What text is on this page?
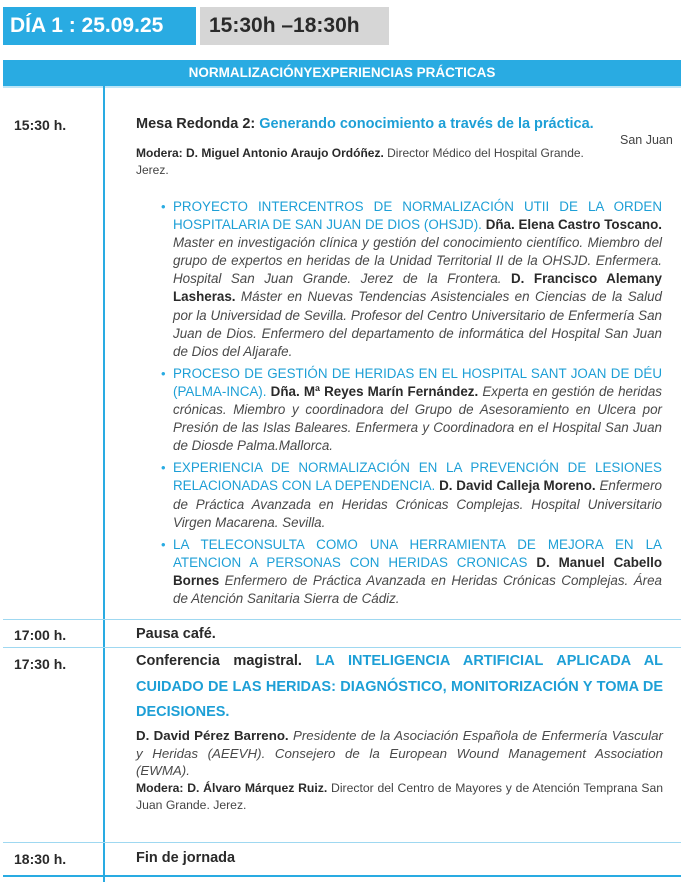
DÍA 1 : 25.09.25	15:30h –18:30h
NORMALIZACIÓNYEXPERIENCIAS PRÁCTICAS
15:30 h.	Mesa Redonda 2: Generando conocimiento a través de la práctica.
San Juan
Modera: D. Miguel Antonio Araujo Ordóñez. Director Médico del Hospital Grande. Jerez.
• PROYECTO INTERCENTROS DE NORMALIZACIÓN UTII DE LA ORDEN HOSPITALARIA DE SAN JUAN DE DIOS (OHSJD). Dña. Elena Castro Toscano. Master en investigación clínica y gestión del conocimiento científico. Miembro del grupo de expertos en heridas de la Unidad Territorial II de la OHSJD. Enfermera. Hospital San Juan Grande. Jerez de la Frontera. D. Francisco Alemany Lasheras. Máster en Nuevas Tendencias Asistenciales en Ciencias de la Salud por la Universidad de Sevilla. Profesor del Centro Universitario de Enfermería San Juan de Dios. Enfermero del departamento de informática del Hospital San Juan de Dios del Aljarafe.
• PROCESO DE GESTIÓN DE HERIDAS EN EL HOSPITAL SANT JOAN DE DÉU (PALMA-INCA). Dña. Mª Reyes Marín Fernández. Experta en gestión de heridas crónicas. Miembro y coordinadora del Grupo de Asesoramiento en Ulcera por Presión de las Islas Baleares. Enfermera y Coordinadora en el Hospital San Juan de Diosde Palma.Mallorca.
• EXPERIENCIA DE NORMALIZACIÓN EN LA PREVENCIÓN DE LESIONES RELACIONADAS CON LA DEPENDENCIA. D. David Calleja Moreno. Enfermero de Práctica Avanzada en Heridas Crónicas Complejas. Hospital Universitario Virgen Macarena. Sevilla.
• LA TELECONSULTA COMO UNA HERRAMIENTA DE MEJORA EN LA ATENCION A PERSONAS CON HERIDAS CRONICAS D. Manuel Cabello Bornes Enfermero de Práctica Avanzada en Heridas Crónicas Complejas. Área de Atención Sanitaria Sierra de Cádiz.
17:00 h.	Pausa café.
17:30 h.	Conferencia magistral. LA INTELIGENCIA ARTIFICIAL APLICADA AL CUIDADO DE LAS HERIDAS: DIAGNÓSTICO, MONITORIZACIÓN Y TOMA DE DECISIONES.
D. David Pérez Barreno. Presidente de la Asociación Española de Enfermería Vascular y Heridas (AEEVH). Consejero de la European Wound Management Association (EWMA).
Modera: D. Álvaro Márquez Ruiz. Director del Centro de Mayores y de Atención Temprana San Juan Grande. Jerez.
18:30 h.	Fin de jornada
